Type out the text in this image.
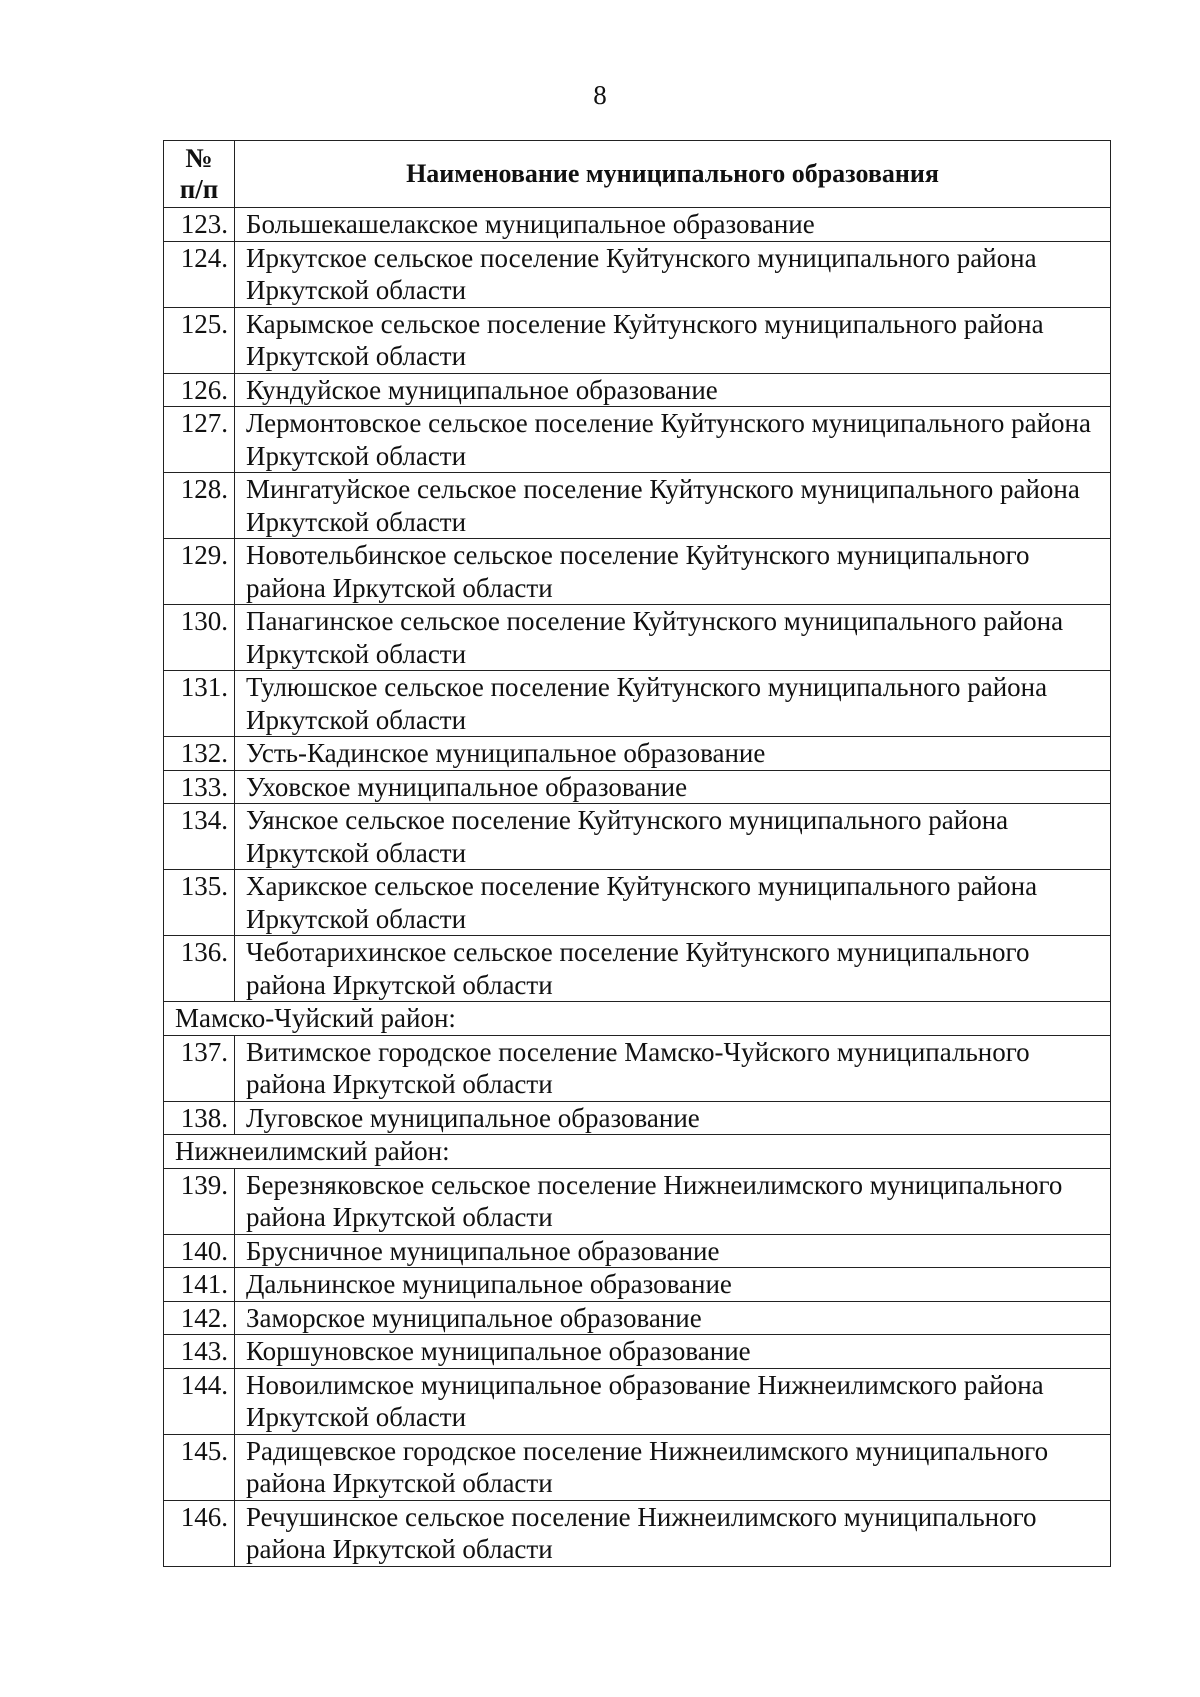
8
№
п/п	Наименование муниципального образования
123.	Большекашелакское муниципальное образование
124.	Иркутское сельское поселение Куйтунского муниципального района Иркутской области
125.	Карымское сельское поселение Куйтунского муниципального района Иркутской области
126.	Кундуйское муниципальное образование
127.	Лермонтовское сельское поселение Куйтунского муниципального района Иркутской области
128.	Мингатуйское сельское поселение Куйтунского муниципального района Иркутской области
129.	Новотельбинское сельское поселение Куйтунского муниципального района Иркутской области
130.	Панагинское сельское поселение Куйтунского муниципального района Иркутской области
131.	Тулюшское сельское поселение Куйтунского муниципального района Иркутской области
132.	Усть-Кадинское муниципальное образование
133.	Уховское муниципальное образование
134.	Уянское сельское поселение Куйтунского муниципального района Иркутской области
135.	Харикское сельское поселение Куйтунского муниципального района Иркутской области
136.	Чеботарихинское сельское поселение Куйтунского муниципального района Иркутской области
Мамско-Чуйский район:	
137.	Витимское городское поселение Мамско-Чуйского муниципального района Иркутской области
138.	Луговское муниципальное образование
Нижнеилимский район:	
139.	Березняковское сельское поселение Нижнеилимского муниципального района Иркутской области
140.	Брусничное муниципальное образование
141.	Дальнинское муниципальное образование
142.	Заморское муниципальное образование
143.	Коршуновское муниципальное образование
144.	Новоилимское муниципальное образование Нижнеилимского района Иркутской области
145.	Радищевское городское поселение Нижнеилимского муниципального района Иркутской области
146.	Речушинское сельское поселение Нижнеилимского муниципального района Иркутской области
